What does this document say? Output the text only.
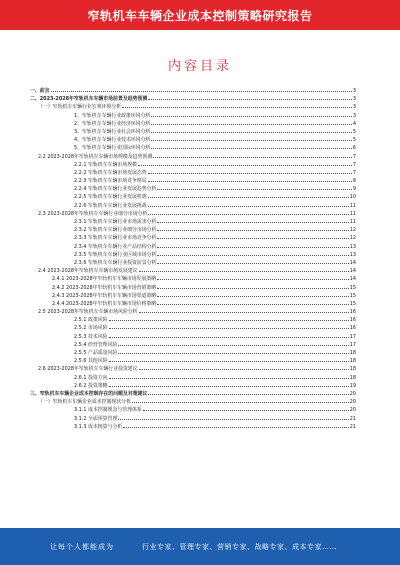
窄轨机车车辆企业成本控制策略研究报告
内容目录
一、前言	3
二、2023-2028年窄轨机车车辆市场前景及趋势预测	3
（一）窄轨机车车辆行业宏观环境分析	3
1、窄轨机车车辆行业政策环境分析	3
2、窄轨机车车辆行业经济环境分析	4
3、窄轨机车车辆行业社会环境分析	5
4、窄轨机车车辆行业技术环境分析	5
5、窄轨机车车辆行业国际环境分析	6
2.2 2023-2028年窄轨机车车辆市场规模及趋势预测	7
2.2.1 窄轨机车车辆市场规模	7
2.2.2 窄轨机车车辆市场发展态势	7
2.2.3 窄轨机车车辆市场竞争格局	8
2.2.4 窄轨机车车辆行业发展趋势分析	9
2.2.5 窄轨机车车辆行业发展机遇	10
2.2.6 窄轨机车车辆行业发展挑战	11
2.3 2023-2028年窄轨机车车辆行业细分市场分析	11
2.3.1 窄轨机车车辆行业市场需求分析	11
2.3.2 窄轨机车车辆行业细分市场分析	12
2.3.3 窄轨机车车辆行业市场竞争分析	12
2.3.4 窄轨机车车辆行业产品结构分析	13
2.3.5 窄轨机车车辆行业区域市场分析	13
2.3.6 窄轨机车车辆行业投资前景分析	14
2.4 2023-2028年窄轨机车车辆市场发展建议	14
2.4.1 2023-2028年窄轨机车车辆市场发展策略	14
2.4.2 2023-2028年窄轨机车车辆市场营销策略	15
2.4.3 2023-2028年窄轨机车车辆市场渠道策略	15
2.4.4 2023-2028年窄轨机车车辆市场价格策略	15
2.5 2023-2028年窄轨机车车辆市场风险分析	16
2.5.1 政策风险	16
2.5.2 市场风险	16
2.5.3 技术风险	17
2.5.4 经营管理风险	17
2.5.5 产品质量风险	18
2.5.6 其他风险	18
2.6 2023-2028年窄轨机车车辆行业投资建议	18
2.6.1 投资方向	18
2.6.2 投资策略	19
三、窄轨机车车辆企业成本控制存在的问题及对策建议	20
（一）窄轨机车车辆企业成本控制现状分析	20
3.1.1 成本控制理念与管理体系	20
3.1.2 全面预算管理	21
3.1.3 成本核算与分析	21
让每个人都能成为	行业专家、管理专家、营销专家、战略专家、成本专家……
